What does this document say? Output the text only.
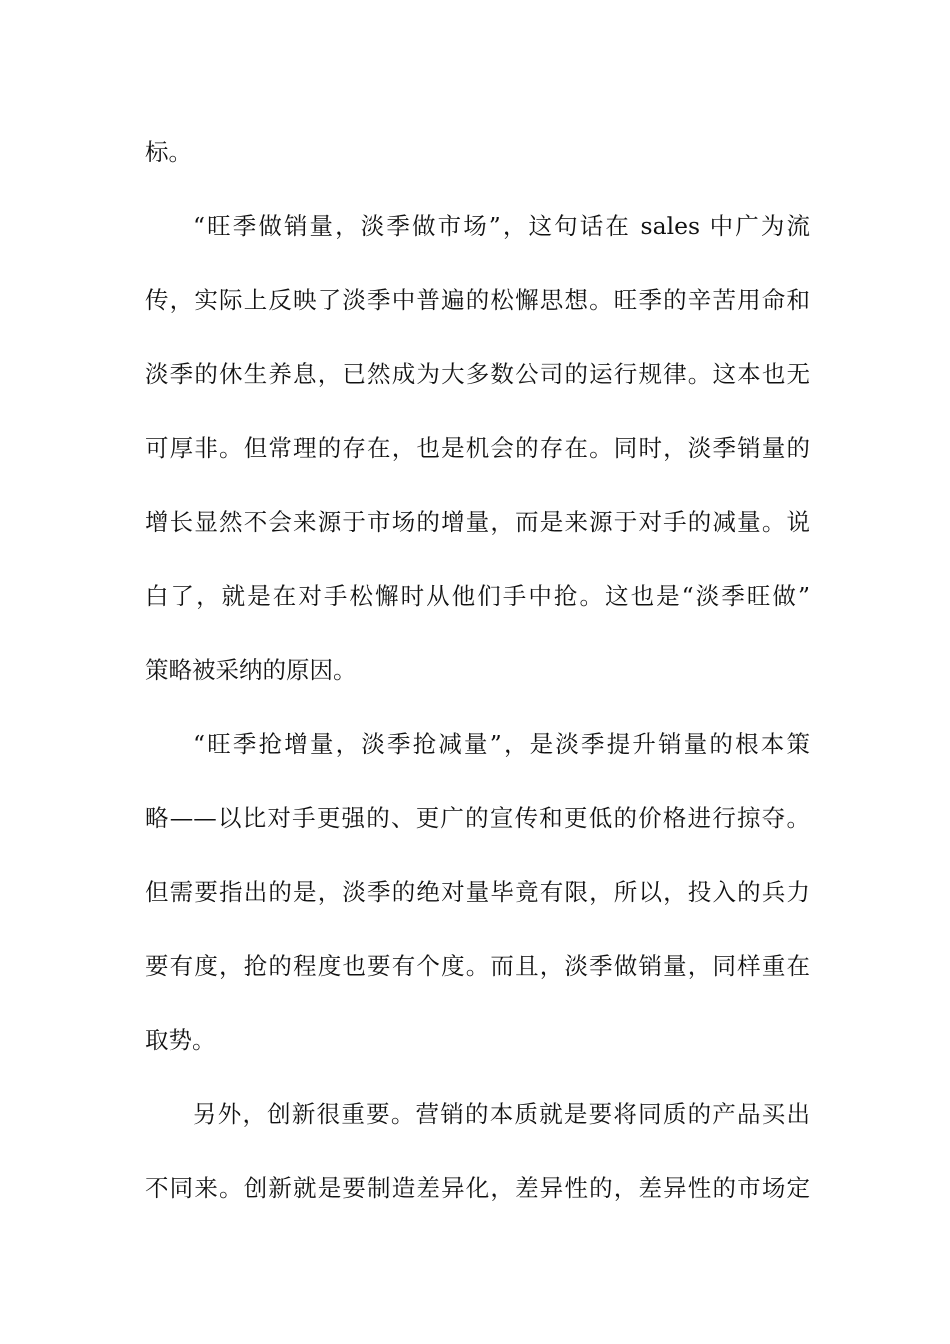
标。
“旺季做销量，淡季做市场”，这句话在 sales 中广为流
传，实际上反映了淡季中普遍的松懈思想。旺季的辛苦用命和
淡季的休生养息，已然成为大多数公司的运行规律。这本也无
可厚非。但常理的存在，也是机会的存在。同时，淡季销量的
增长显然不会来源于市场的增量，而是来源于对手的减量。说
白了，就是在对手松懈时从他们手中抢。这也是“淡季旺做”
策略被采纳的原因。
“旺季抢增量，淡季抢减量”，是淡季提升销量的根本策
略——以比对手更强的、更广的宣传和更低的价格进行掠夺。
但需要指出的是，淡季的绝对量毕竟有限，所以，投入的兵力
要有度，抢的程度也要有个度。而且，淡季做销量，同样重在
取势。
另外，创新很重要。营销的本质就是要将同质的产品买出
不同来。创新就是要制造差异化，差异性的，差异性的市场定
